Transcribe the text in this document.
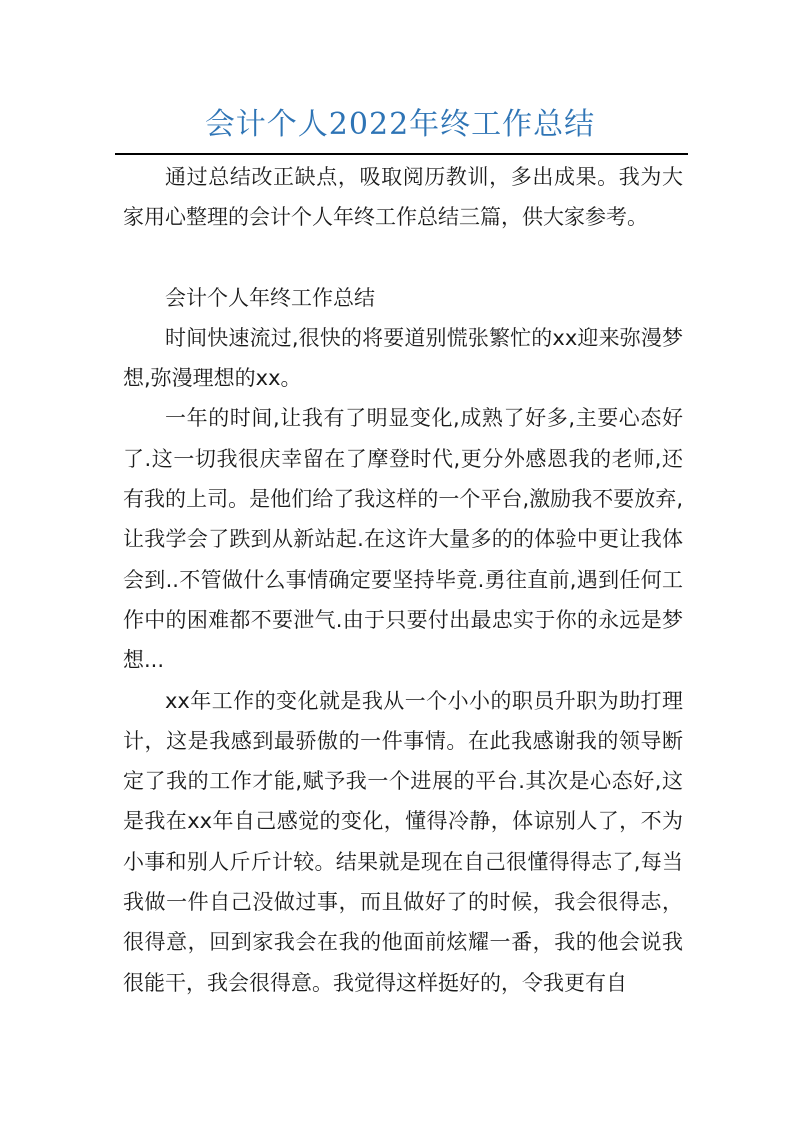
会计个人2022年终工作总结

通过总结改正缺点，吸取阅历教训，多出成果。我为大家用心整理的会计个人年终工作总结三篇，供大家参考。

会计个人年终工作总结

时间快速流过,很快的将要道别慌张繁忙的xx迎来弥漫梦想,弥漫理想的xx。

一年的时间,让我有了明显变化,成熟了好多,主要心态好了.这一切我很庆幸留在了摩登时代,更分外感恩我的老师,还有我的上司。是他们给了我这样的一个平台,激励我不要放弃,让我学会了跌到从新站起.在这许大量多的的体验中更让我体会到..不管做什么事情确定要坚持毕竟.勇往直前,遇到任何工作中的困难都不要泄气.由于只要付出最忠实于你的永远是梦想...

xx年工作的变化就是我从一个小小的职员升职为助打理计，这是我感到最骄傲的一件事情。在此我感谢我的领导断定了我的工作才能,赋予我一个进展的平台.其次是心态好,这是我在xx年自己感觉的变化，懂得冷静，体谅别人了，不为小事和别人斤斤计较。结果就是现在自己很懂得得志了,每当我做一件自己没做过事，而且做好了的时候，我会很得志，很得意，回到家我会在我的他面前炫耀一番，我的他会说我很能干，我会很得意。我觉得这样挺好的，令我更有自
